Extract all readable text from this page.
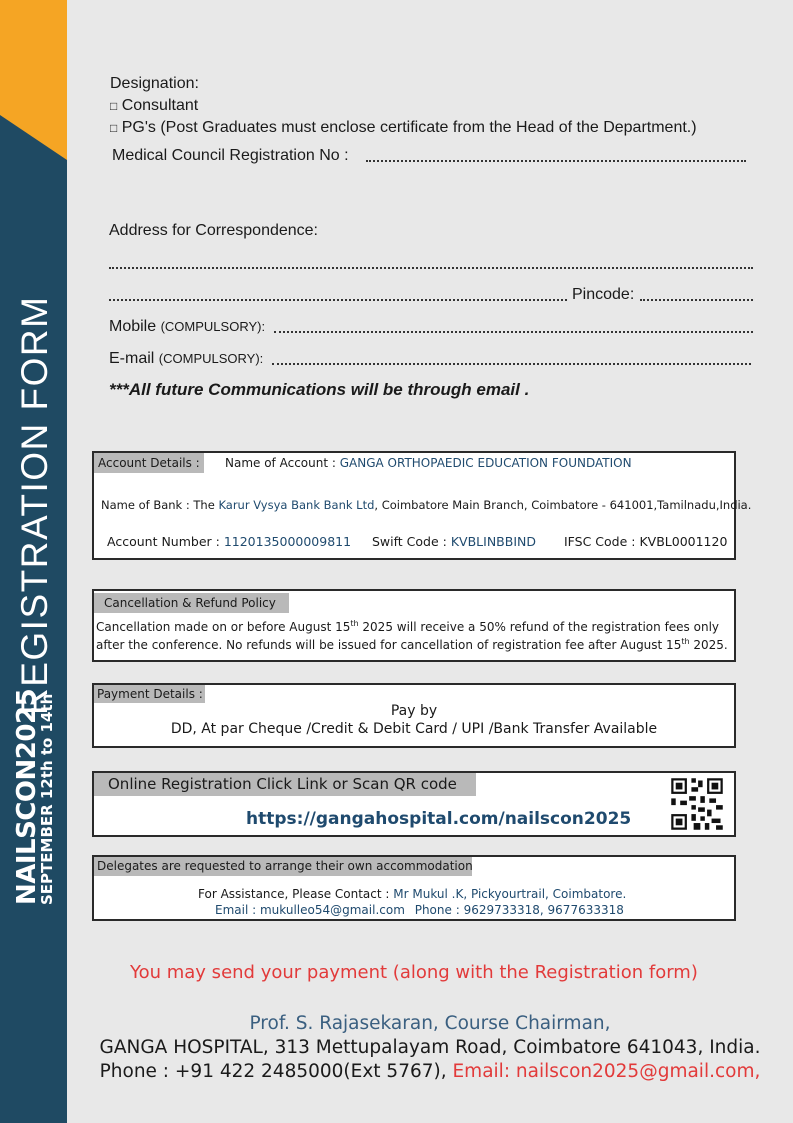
REGISTRATION FORM
NAILSCON2025
SEPTEMBER 12th to 14th
Designation:
□ Consultant
□ PG's (Post Graduates must enclose certificate from the Head of the Department.)
Medical Council Registration No :
Address for Correspondence:
Pincode:
Mobile (COMPULSORY):
E-mail (COMPULSORY):
***All future Communications will be through email .
Account Details :	Name of Account : GANGA ORTHOPAEDIC EDUCATION FOUNDATION
Name of Bank : The Karur Vysya Bank Bank Ltd, Coimbatore Main Branch, Coimbatore - 641001,Tamilnadu,India.
Account Number : 1120135000009811 Swift Code : KVBLINBBIND IFSC Code : KVBL0001120
Cancellation & Refund Policy
Cancellation made on or before August 15th 2025 will receive a 50% refund of the registration fees only
after the conference. No refunds will be issued for cancellation of registration fee after August 15th 2025.
Payment Details :
Pay by
DD, At par Cheque /Credit & Debit Card / UPI /Bank Transfer Available
Online Registration Click Link or Scan QR code
https://gangahospital.com/nailscon2025
Delegates are requested to arrange their own accommodation
For Assistance, Please Contact : Mr Mukul .K, Pickyourtrail, Coimbatore.
Email : mukulleo54@gmail.com Phone : 9629733318, 9677633318
You may send your payment (along with the Registration form)
Prof. S. Rajasekaran, Course Chairman,
GANGA HOSPITAL, 313 Mettupalayam Road, Coimbatore 641043, India.
Phone : +91 422 2485000(Ext 5767), Email: nailscon2025@gmail.com,
